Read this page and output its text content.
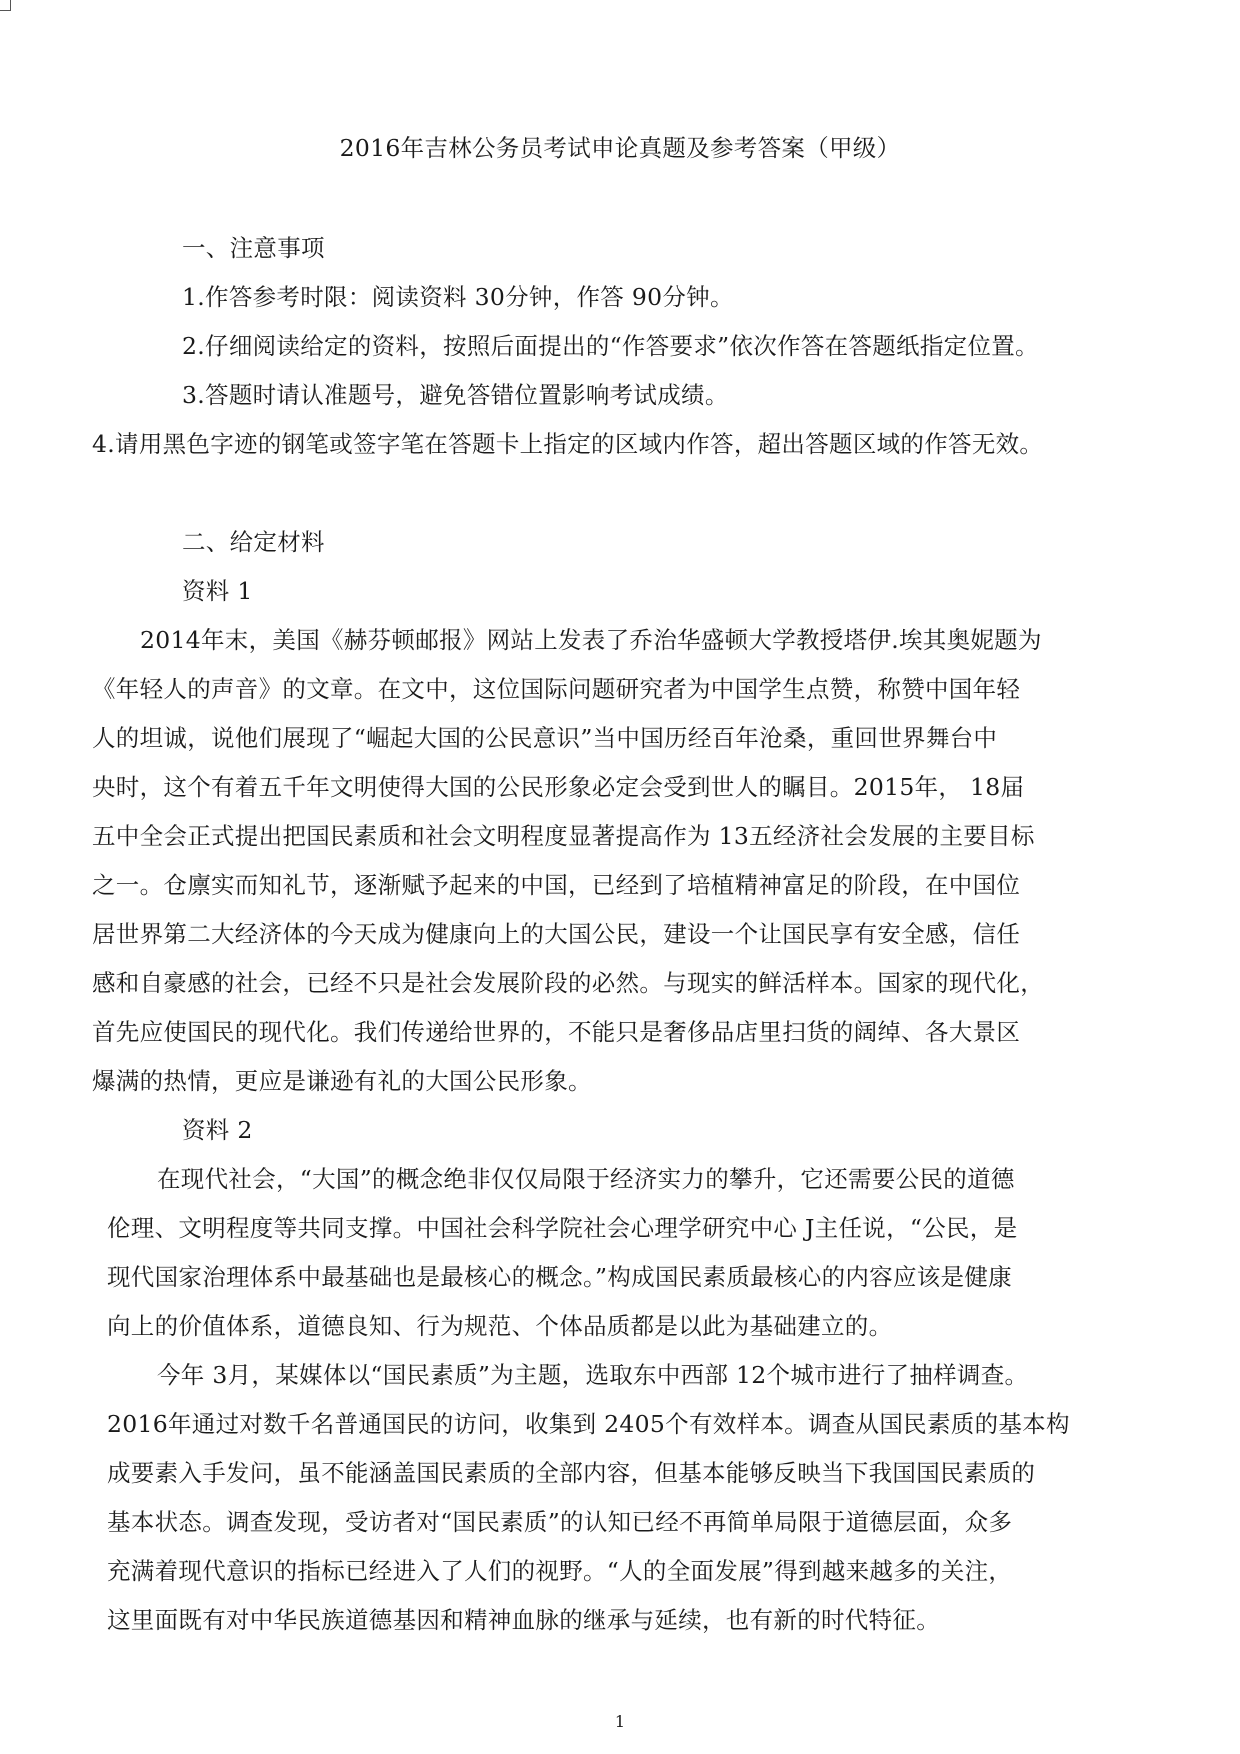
2016年吉林公务员考试申论真题及参考答案（甲级）
一、注意事项
1.作答参考时限：阅读资料 30分钟，作答 90分钟。
2.仔细阅读给定的资料，按照后面提出的“作答要求”依次作答在答题纸指定位置。
3.答题时请认准题号，避免答错位置影响考试成绩。
4.请用黑色字迹的钢笔或签字笔在答题卡上指定的区域内作答，超出答题区域的作答无效。
二、给定材料
资料 1
2014年末，美国《赫芬顿邮报》网站上发表了乔治华盛顿大学教授塔伊.埃其奥妮题为
《年轻人的声音》的文章。在文中，这位国际问题研究者为中国学生点赞，称赞中国年轻
人的坦诚，说他们展现了“崛起大国的公民意识”当中国历经百年沧桑，重回世界舞台中
央时，这个有着五千年文明使得大国的公民形象必定会受到世人的瞩目。2015年， 18届
五中全会正式提出把国民素质和社会文明程度显著提高作为 13五经济社会发展的主要目标
之一。仓廪实而知礼节，逐渐赋予起来的中国，已经到了培植精神富足的阶段，在中国位
居世界第二大经济体的今天成为健康向上的大国公民，建设一个让国民享有安全感，信任
感和自豪感的社会，已经不只是社会发展阶段的必然。与现实的鲜活样本。国家的现代化，
首先应使国民的现代化。我们传递给世界的，不能只是奢侈品店里扫货的阔绰、各大景区
爆满的热情，更应是谦逊有礼的大国公民形象。
资料 2
在现代社会，“大国”的概念绝非仅仅局限于经济实力的攀升，它还需要公民的道德
伦理、文明程度等共同支撑。中国社会科学院社会心理学研究中心 J主任说，“公民，是
现代国家治理体系中最基础也是最核心的概念。”构成国民素质最核心的内容应该是健康
向上的价值体系，道德良知、行为规范、个体品质都是以此为基础建立的。
今年 3月，某媒体以“国民素质”为主题，选取东中西部 12个城市进行了抽样调查。
2016年通过对数千名普通国民的访问，收集到 2405个有效样本。调查从国民素质的基本构
成要素入手发问，虽不能涵盖国民素质的全部内容，但基本能够反映当下我国国民素质的
基本状态。调查发现，受访者对“国民素质”的认知已经不再简单局限于道德层面，众多
充满着现代意识的指标已经进入了人们的视野。“人的全面发展”得到越来越多的关注，
这里面既有对中华民族道德基因和精神血脉的继承与延续，也有新的时代特征。
1
